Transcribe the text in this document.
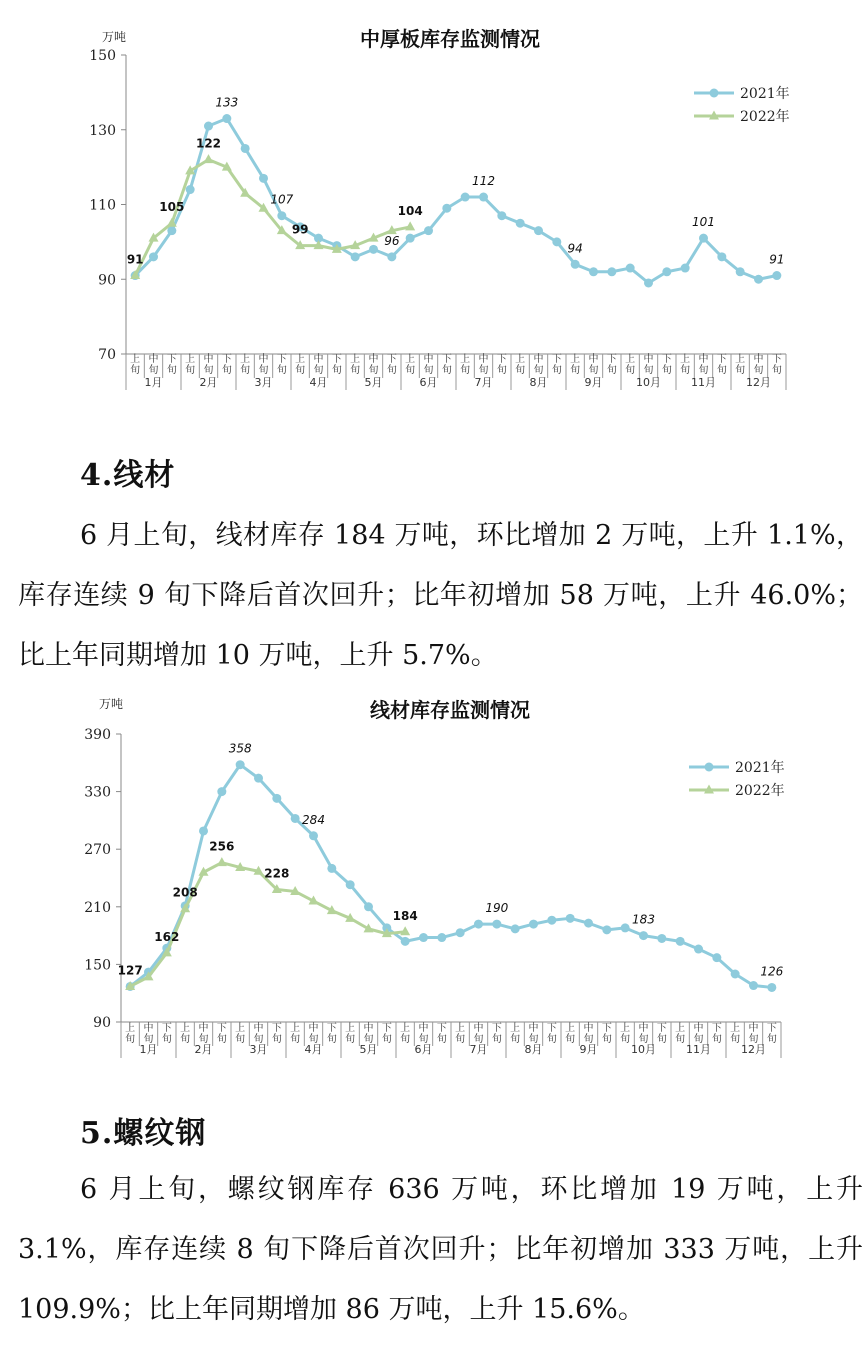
中厚板库存监测情况
万吨
70
90
110
130
150
上
旬
中
旬
下
旬
上
旬
中
旬
下
旬
上
旬
中
旬
下
旬
上
旬
中
旬
下
旬
上
旬
中
旬
下
旬
上
旬
中
旬
下
旬
上
旬
中
旬
下
旬
上
旬
中
旬
下
旬
上
旬
中
旬
下
旬
上
旬
中
旬
下
旬
上
旬
中
旬
下
旬
上
旬
中
旬
下
旬
1月	2月	3月	4月	5月	6月	7月	8月	9月	10月	11月	12月
133
107
96
112
94
101
91
91
105
122
99
104
2021年
2022年
4.线材
6 月上旬，线材库存 184 万吨，环比增加 2 万吨，上升 1.1%，库存连续 9 旬下降后首次回升；比年初增加 58 万吨，上升 46.0%；比上年同期增加 10 万吨，上升 5.7%。
线材库存监测情况
万吨
90
150
210
270
330
390
上
旬
中
旬
下
旬
上
旬
中
旬
下
旬
上
旬
中
旬
下
旬
上
旬
中
旬
下
旬
上
旬
中
旬
下
旬
上
旬
中
旬
下
旬
上
旬
中
旬
下
旬
上
旬
中
旬
下
旬
上
旬
中
旬
下
旬
上
旬
中
旬
下
旬
上
旬
中
旬
下
旬
上
旬
中
旬
下
旬
1月	2月	3月	4月	5月	6月	7月	8月	9月	10月	11月	12月
358
284
190
183
126
127
162
208
256
228
184
2021年
2022年
5.螺纹钢
6 月上旬，螺纹钢库存 636 万吨，环比增加 19 万吨，上升 3.1%，库存连续 8 旬下降后首次回升；比年初增加 333 万吨，上升 109.9%；比上年同期增加 86 万吨，上升 15.6%。
